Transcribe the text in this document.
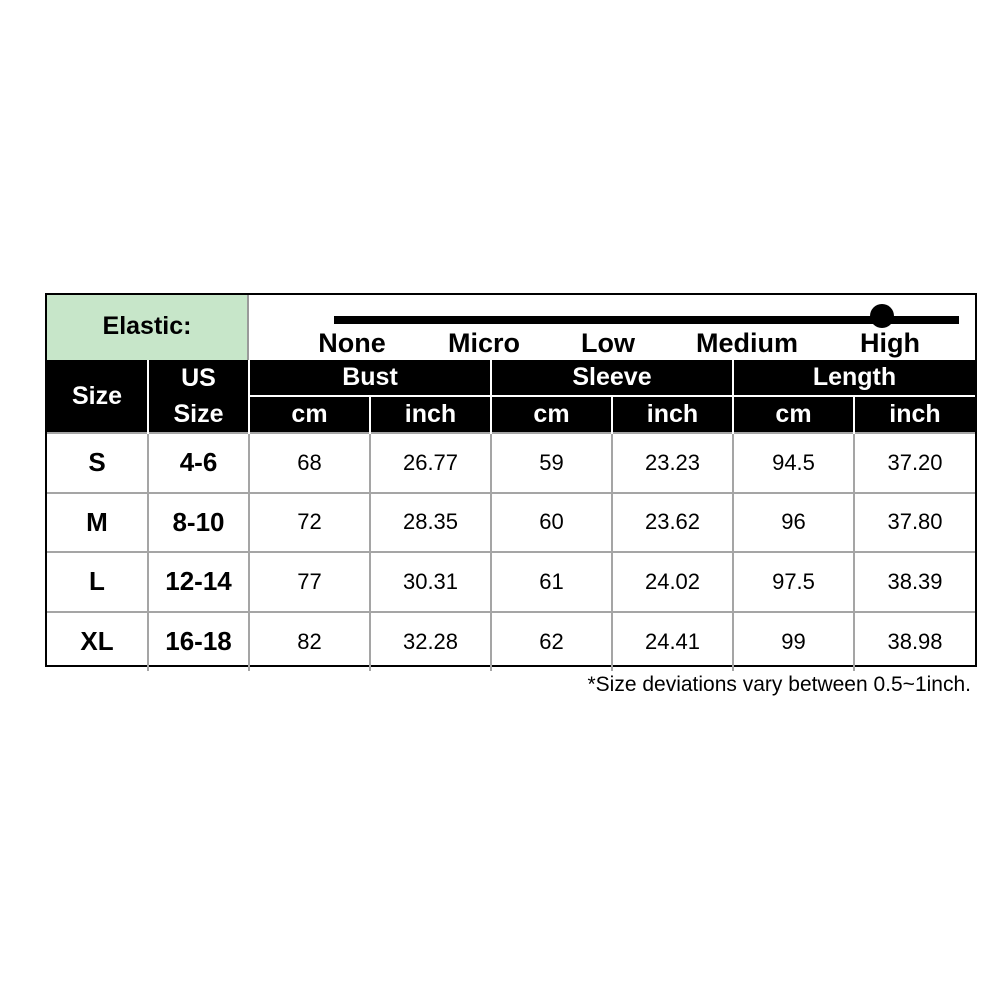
Elastic:
None Micro Low Medium High
Size	US
Size	Bust		Sleeve		Length	
		cm	inch	cm	inch	cm	inch
S	4-6	68	26.77	59	23.23	94.5	37.20
M	8-10	72	28.35	60	23.62	96	37.80
L	12-14	77	30.31	61	24.02	97.5	38.39
XL	16-18	82	32.28	62	24.41	99	38.98
*Size deviations vary between 0.5~1inch.
